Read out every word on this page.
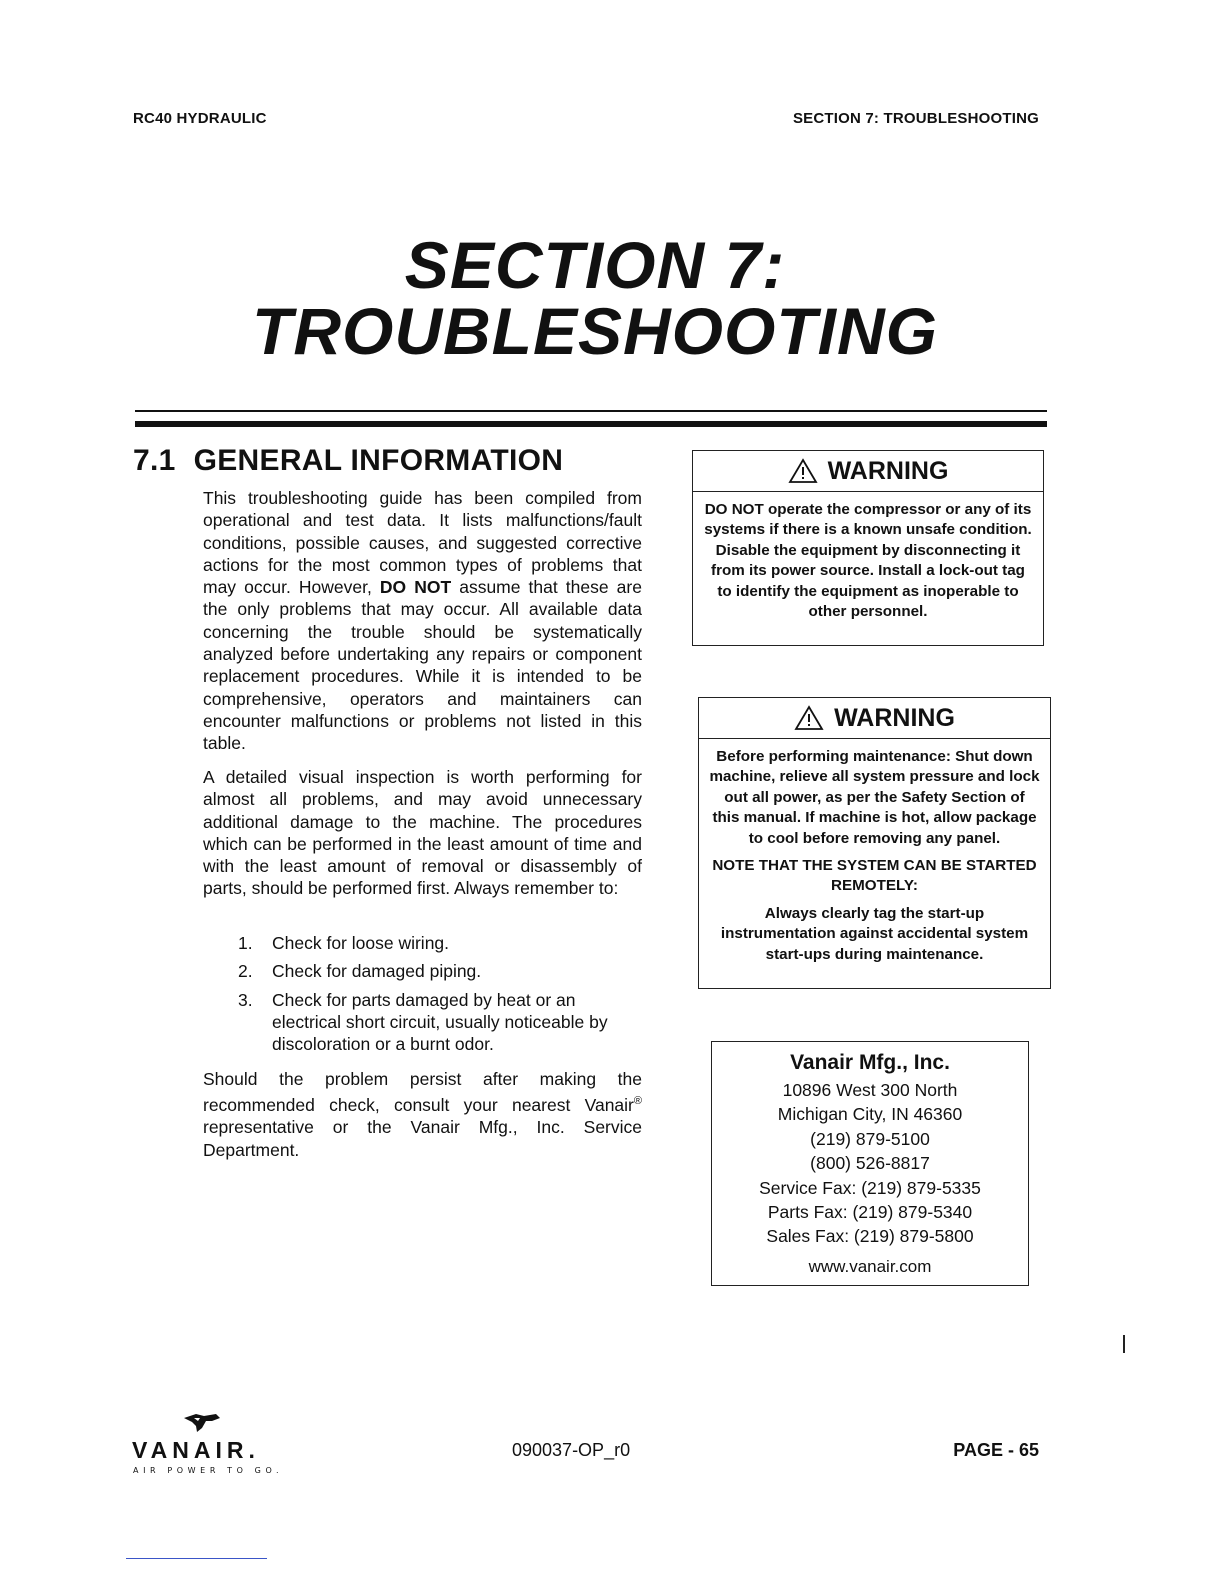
RC40 HYDRAULIC	SECTION 7: TROUBLESHOOTING
SECTION 7:
TROUBLESHOOTING
7.1 GENERAL INFORMATION

This troubleshooting guide has been compiled from operational and test data. It lists malfunctions/fault conditions, possible causes, and suggested corrective actions for the most common types of problems that may occur. However, DO NOT assume that these are the only problems that may occur. All available data concerning the trouble should be systematically analyzed before undertaking any repairs or component replacement procedures. While it is intended to be comprehensive, operators and maintainers can encounter malfunctions or problems not listed in this table.

A detailed visual inspection is worth performing for almost all problems, and may avoid unnecessary additional damage to the machine. The procedures which can be performed in the least amount of time and with the least amount of removal or disassembly of parts, should be performed first. Always remember to:

1. Check for loose wiring.
2. Check for damaged piping.
3. Check for parts damaged by heat or an electrical short circuit, usually noticeable by discoloration or a burnt odor.

Should the problem persist after making the recommended check, consult your nearest Vanair® representative or the Vanair Mfg., Inc. Service Department.

WARNING

DO NOT operate the compressor or any of its systems if there is a known unsafe condition. Disable the equipment by disconnecting it from its power source. Install a lock-out tag to identify the equipment as inoperable to other personnel.

WARNING

Before performing maintenance: Shut down machine, relieve all system pressure and lock out all power, as per the Safety Section of this manual. If machine is hot, allow package to cool before removing any panel.

NOTE THAT THE SYSTEM CAN BE STARTED REMOTELY:

Always clearly tag the start-up instrumentation against accidental system start-ups during maintenance.

Vanair Mfg., Inc.
10896 West 300 North
Michigan City, IN 46360
(219) 879-5100
(800) 526-8817
Service Fax: (219) 879-5335
Parts Fax: (219) 879-5340
Sales Fax: (219) 879-5800
www.vanair.com
VANAIR.
AIR POWER TO GO.
090037-OP_r0	PAGE - 65
